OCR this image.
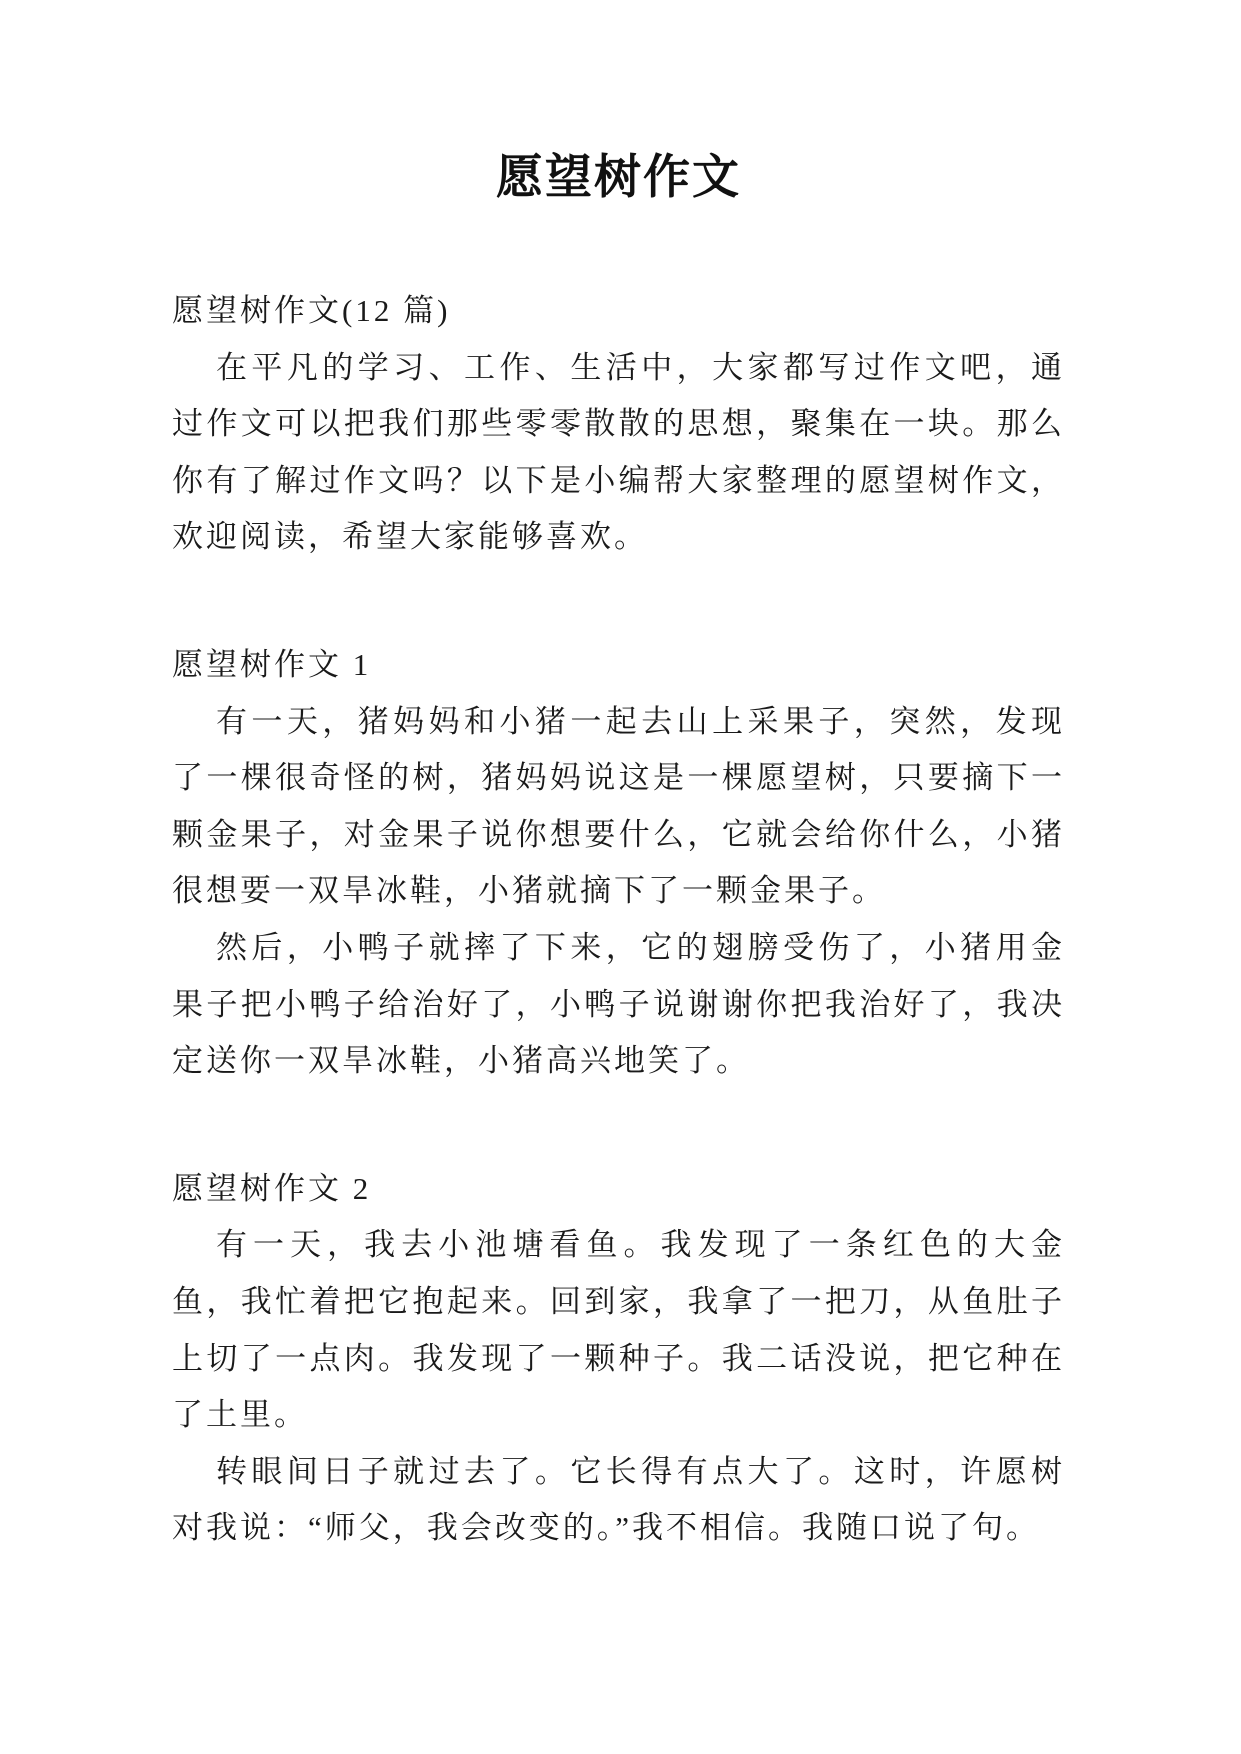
愿望树作文
愿望树作文(12 篇)

在平凡的学习、工作、生活中，大家都写过作文吧，通过作文可以把我们那些零零散散的思想，聚集在一块。那么你有了解过作文吗？以下是小编帮大家整理的愿望树作文，欢迎阅读，希望大家能够喜欢。

愿望树作文 1

有一天，猪妈妈和小猪一起去山上采果子，突然，发现了一棵很奇怪的树，猪妈妈说这是一棵愿望树，只要摘下一颗金果子，对金果子说你想要什么，它就会给你什么，小猪很想要一双旱冰鞋，小猪就摘下了一颗金果子。

然后，小鸭子就摔了下来，它的翅膀受伤了，小猪用金果子把小鸭子给治好了，小鸭子说谢谢你把我治好了，我决定送你一双旱冰鞋，小猪高兴地笑了。

愿望树作文 2

有一天，我去小池塘看鱼。我发现了一条红色的大金鱼，我忙着把它抱起来。回到家，我拿了一把刀，从鱼肚子上切了一点肉。我发现了一颗种子。我二话没说，把它种在了土里。

转眼间日子就过去了。它长得有点大了。这时，许愿树对我说：“师父，我会改变的。”我不相信。我随口说了句。
